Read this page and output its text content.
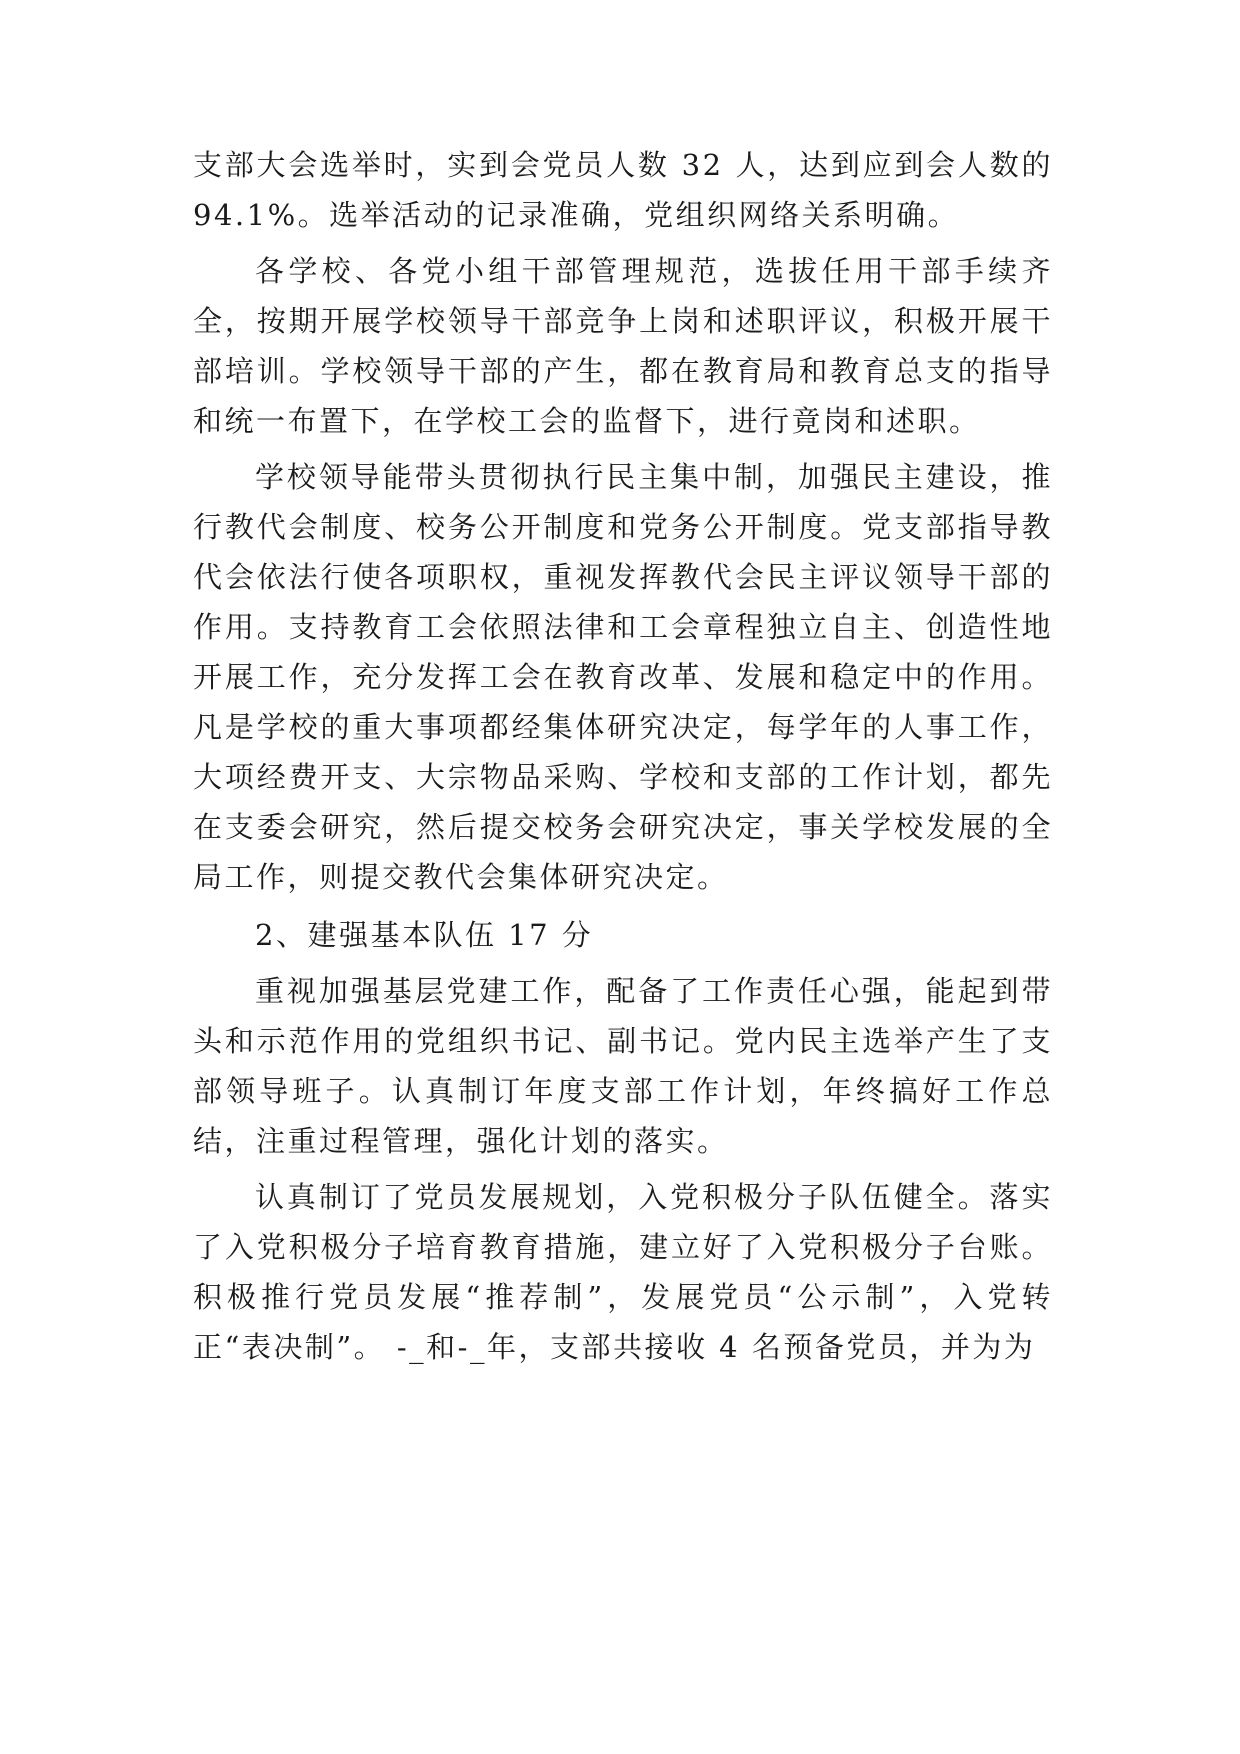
支部大会选举时，实到会党员人数 32 人，达到应到会人数的 94.1%。选举活动的记录准确，党组织网络关系明确。

各学校、各党小组干部管理规范，选拔任用干部手续齐全，按期开展学校领导干部竞争上岗和述职评议，积极开展干部培训。学校领导干部的产生，都在教育局和教育总支的指导和统一布置下，在学校工会的监督下，进行竟岗和述职。

学校领导能带头贯彻执行民主集中制，加强民主建设，推行教代会制度、校务公开制度和党务公开制度。党支部指导教代会依法行使各项职权，重视发挥教代会民主评议领导干部的作用。支持教育工会依照法律和工会章程独立自主、创造性地开展工作，充分发挥工会在教育改革、发展和稳定中的作用。凡是学校的重大事项都经集体研究决定，每学年的人事工作，大项经费开支、大宗物品采购、学校和支部的工作计划，都先在支委会研究，然后提交校务会研究决定，事关学校发展的全局工作，则提交教代会集体研究决定。

2、建强基本队伍 17 分

重视加强基层党建工作，配备了工作责任心强，能起到带头和示范作用的党组织书记、副书记。党内民主选举产生了支部领导班子。认真制订年度支部工作计划，年终搞好工作总结，注重过程管理，强化计划的落实。

认真制订了党员发展规划，入党积极分子队伍健全。落实了入党积极分子培育教育措施，建立好了入党积极分子台账。积极推行党员发展“推荐制”，发展党员“公示制”，入党转正“表决制”。 -_和-_年，支部共接收 4 名预备党员，并为为
